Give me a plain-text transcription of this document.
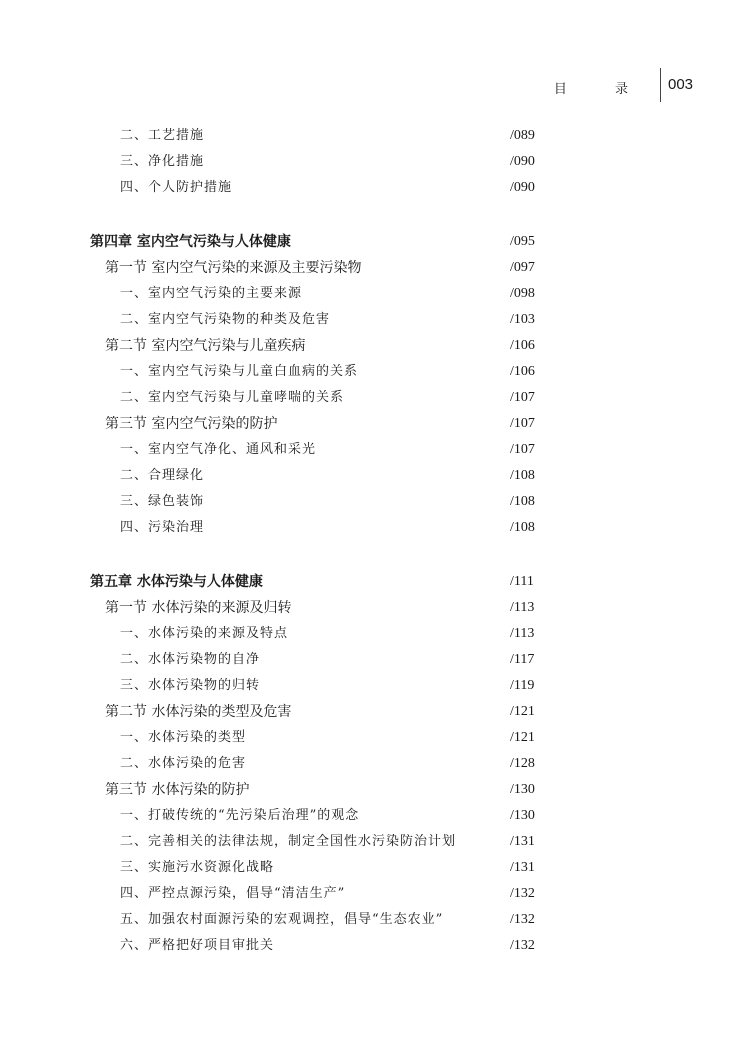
目 录 003
二、工艺措施	/089
三、净化措施	/090
四、个人防护措施	/090
第四章 室内空气污染与人体健康	/095
第一节 室内空气污染的来源及主要污染物	/097
一、室内空气污染的主要来源	/098
二、室内空气污染物的种类及危害	/103
第二节 室内空气污染与儿童疾病	/106
一、室内空气污染与儿童白血病的关系	/106
二、室内空气污染与儿童哮喘的关系	/107
第三节 室内空气污染的防护	/107
一、室内空气净化、通风和采光	/107
二、合理绿化	/108
三、绿色装饰	/108
四、污染治理	/108
第五章 水体污染与人体健康	/111
第一节 水体污染的来源及归转	/113
一、水体污染的来源及特点	/113
二、水体污染物的自净	/117
三、水体污染物的归转	/119
第二节 水体污染的类型及危害	/121
一、水体污染的类型	/121
二、水体污染的危害	/128
第三节 水体污染的防护	/130
一、打破传统的“先污染后治理”的观念	/130
二、完善相关的法律法规，制定全国性水污染防治计划	/131
三、实施污水资源化战略	/131
四、严控点源污染，倡导“清洁生产”	/132
五、加强农村面源污染的宏观调控，倡导“生态农业”	/132
六、严格把好项目审批关	/132
